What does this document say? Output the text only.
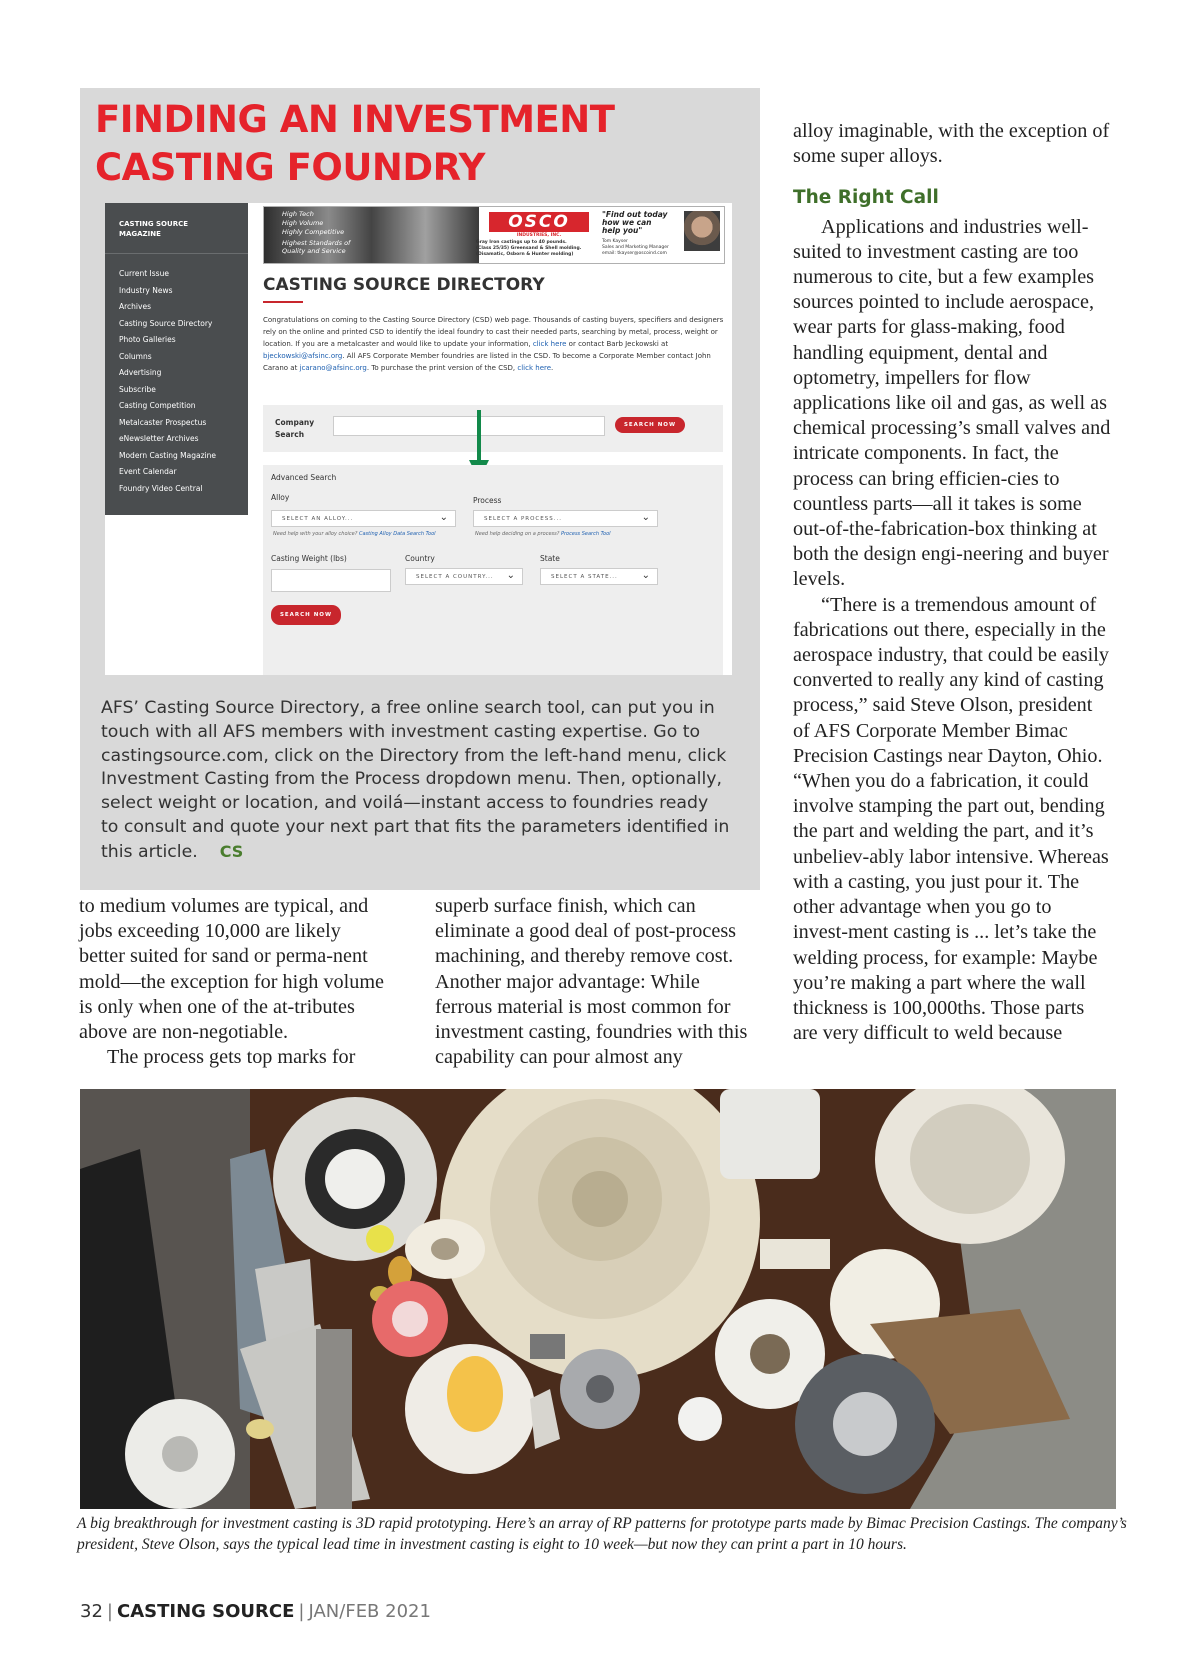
FINDING AN INVESTMENT
CASTING FOUNDRY
CASTING SOURCE MAGAZINE
Current Issue
Industry News
Archives
Casting Source Directory
Photo Galleries
Columns
Advertising
Subscribe
Casting Competition
Metalcaster Prospectus
eNewsletter Archives
Modern Casting Magazine
Event Calendar
Foundry Video Central
High Tech
High Volume
Highly Competitive
Highest Standards of
Quality and Service
OSCO
INDUSTRIES, INC.
Gray Iron castings up to 40 pounds.
(Class 25/35) Greensand & Shell molding.
(Disamatic, Osborn & Hunter molding)
"Find out today how we can help you"
Tom Kayser
Sales and Marketing Manager
email: tkayser@oscoind.com
CASTING SOURCE DIRECTORY
Congratulations on coming to the Casting Source Directory (CSD) web page. Thousands of casting buyers, specifiers and designers rely on the online and printed CSD to identify the ideal foundry to cast their needed parts, searching by metal, process, weight or location. If you are a metalcaster and would like to update your information, click here or contact Barb Jeckowski at bjeckowski@afsinc.org. All AFS Corporate Member foundries are listed in the CSD. To become a Corporate Member contact John Carano at jcarano@afsinc.org. To purchase the print version of the CSD, click here.
Company
Search
SEARCH NOW
Advanced Search
Alloy
SELECT AN ALLOY... ⌄
Need help with your alloy choice? Casting Alloy Data Search Tool
Process
SELECT A PROCESS... ⌄
Need help deciding on a process? Process Search Tool
Casting Weight (lbs)	Country
SELECT A COUNTRY... ⌄
State
SELECT A STATE... ⌄
SEARCH NOW

AFS’ Casting Source Directory, a free online search tool, can put you in touch with all AFS members with investment casting expertise. Go to castingsource.com, click on the Directory from the left-hand menu, click Investment Casting from the Process dropdown menu. Then, optionally, select weight or location, and voilá—instant access to foundries ready to consult and quote your next part that fits the parameters identified in this article. CS

to medium volumes are typical, and jobs exceeding 10,000 are likely better suited for sand or perma-nent mold—the exception for high volume is only when one of the at-tributes above are non-negotiable.

The process gets top marks for

superb surface finish, which can eliminate a good deal of post-process machining, and thereby remove cost. Another major advantage: While ferrous material is most common for investment casting, foundries with this capability can pour almost any

alloy imaginable, with the exception of some super alloys.

The Right Call

Applications and industries well-suited to investment casting are too numerous to cite, but a few examples sources pointed to include aerospace, wear parts for glass-making, food handling equipment, dental and optometry, impellers for flow applications like oil and gas, as well as chemical processing’s small valves and intricate components. In fact, the process can bring efficien-cies to countless parts—all it takes is some out-of-the-fabrication-box thinking at both the design engi-neering and buyer levels.

“There is a tremendous amount of fabrications out there, especially in the aerospace industry, that could be easily converted to really any kind of casting process,” said Steve Olson, president of AFS Corporate Member Bimac Precision Castings near Dayton, Ohio. “When you do a fabrication, it could involve stamping the part out, bending the part and welding the part, and it’s unbeliev-ably labor intensive. Whereas with a casting, you just pour it. The other advantage when you go to invest-ment casting is ... let’s take the welding process, for example: Maybe you’re making a part where the wall thickness is 100,000ths. Those parts are very difficult to weld because

A big breakthrough for investment casting is 3D rapid prototyping. Here’s an array of RP patterns for prototype parts made by Bimac Precision Castings. The company’s president, Steve Olson, says the typical lead time in investment casting is eight to 10 week—but now they can print a part in 10 hours.

32 | CASTING SOURCE | JAN/FEB 2021
